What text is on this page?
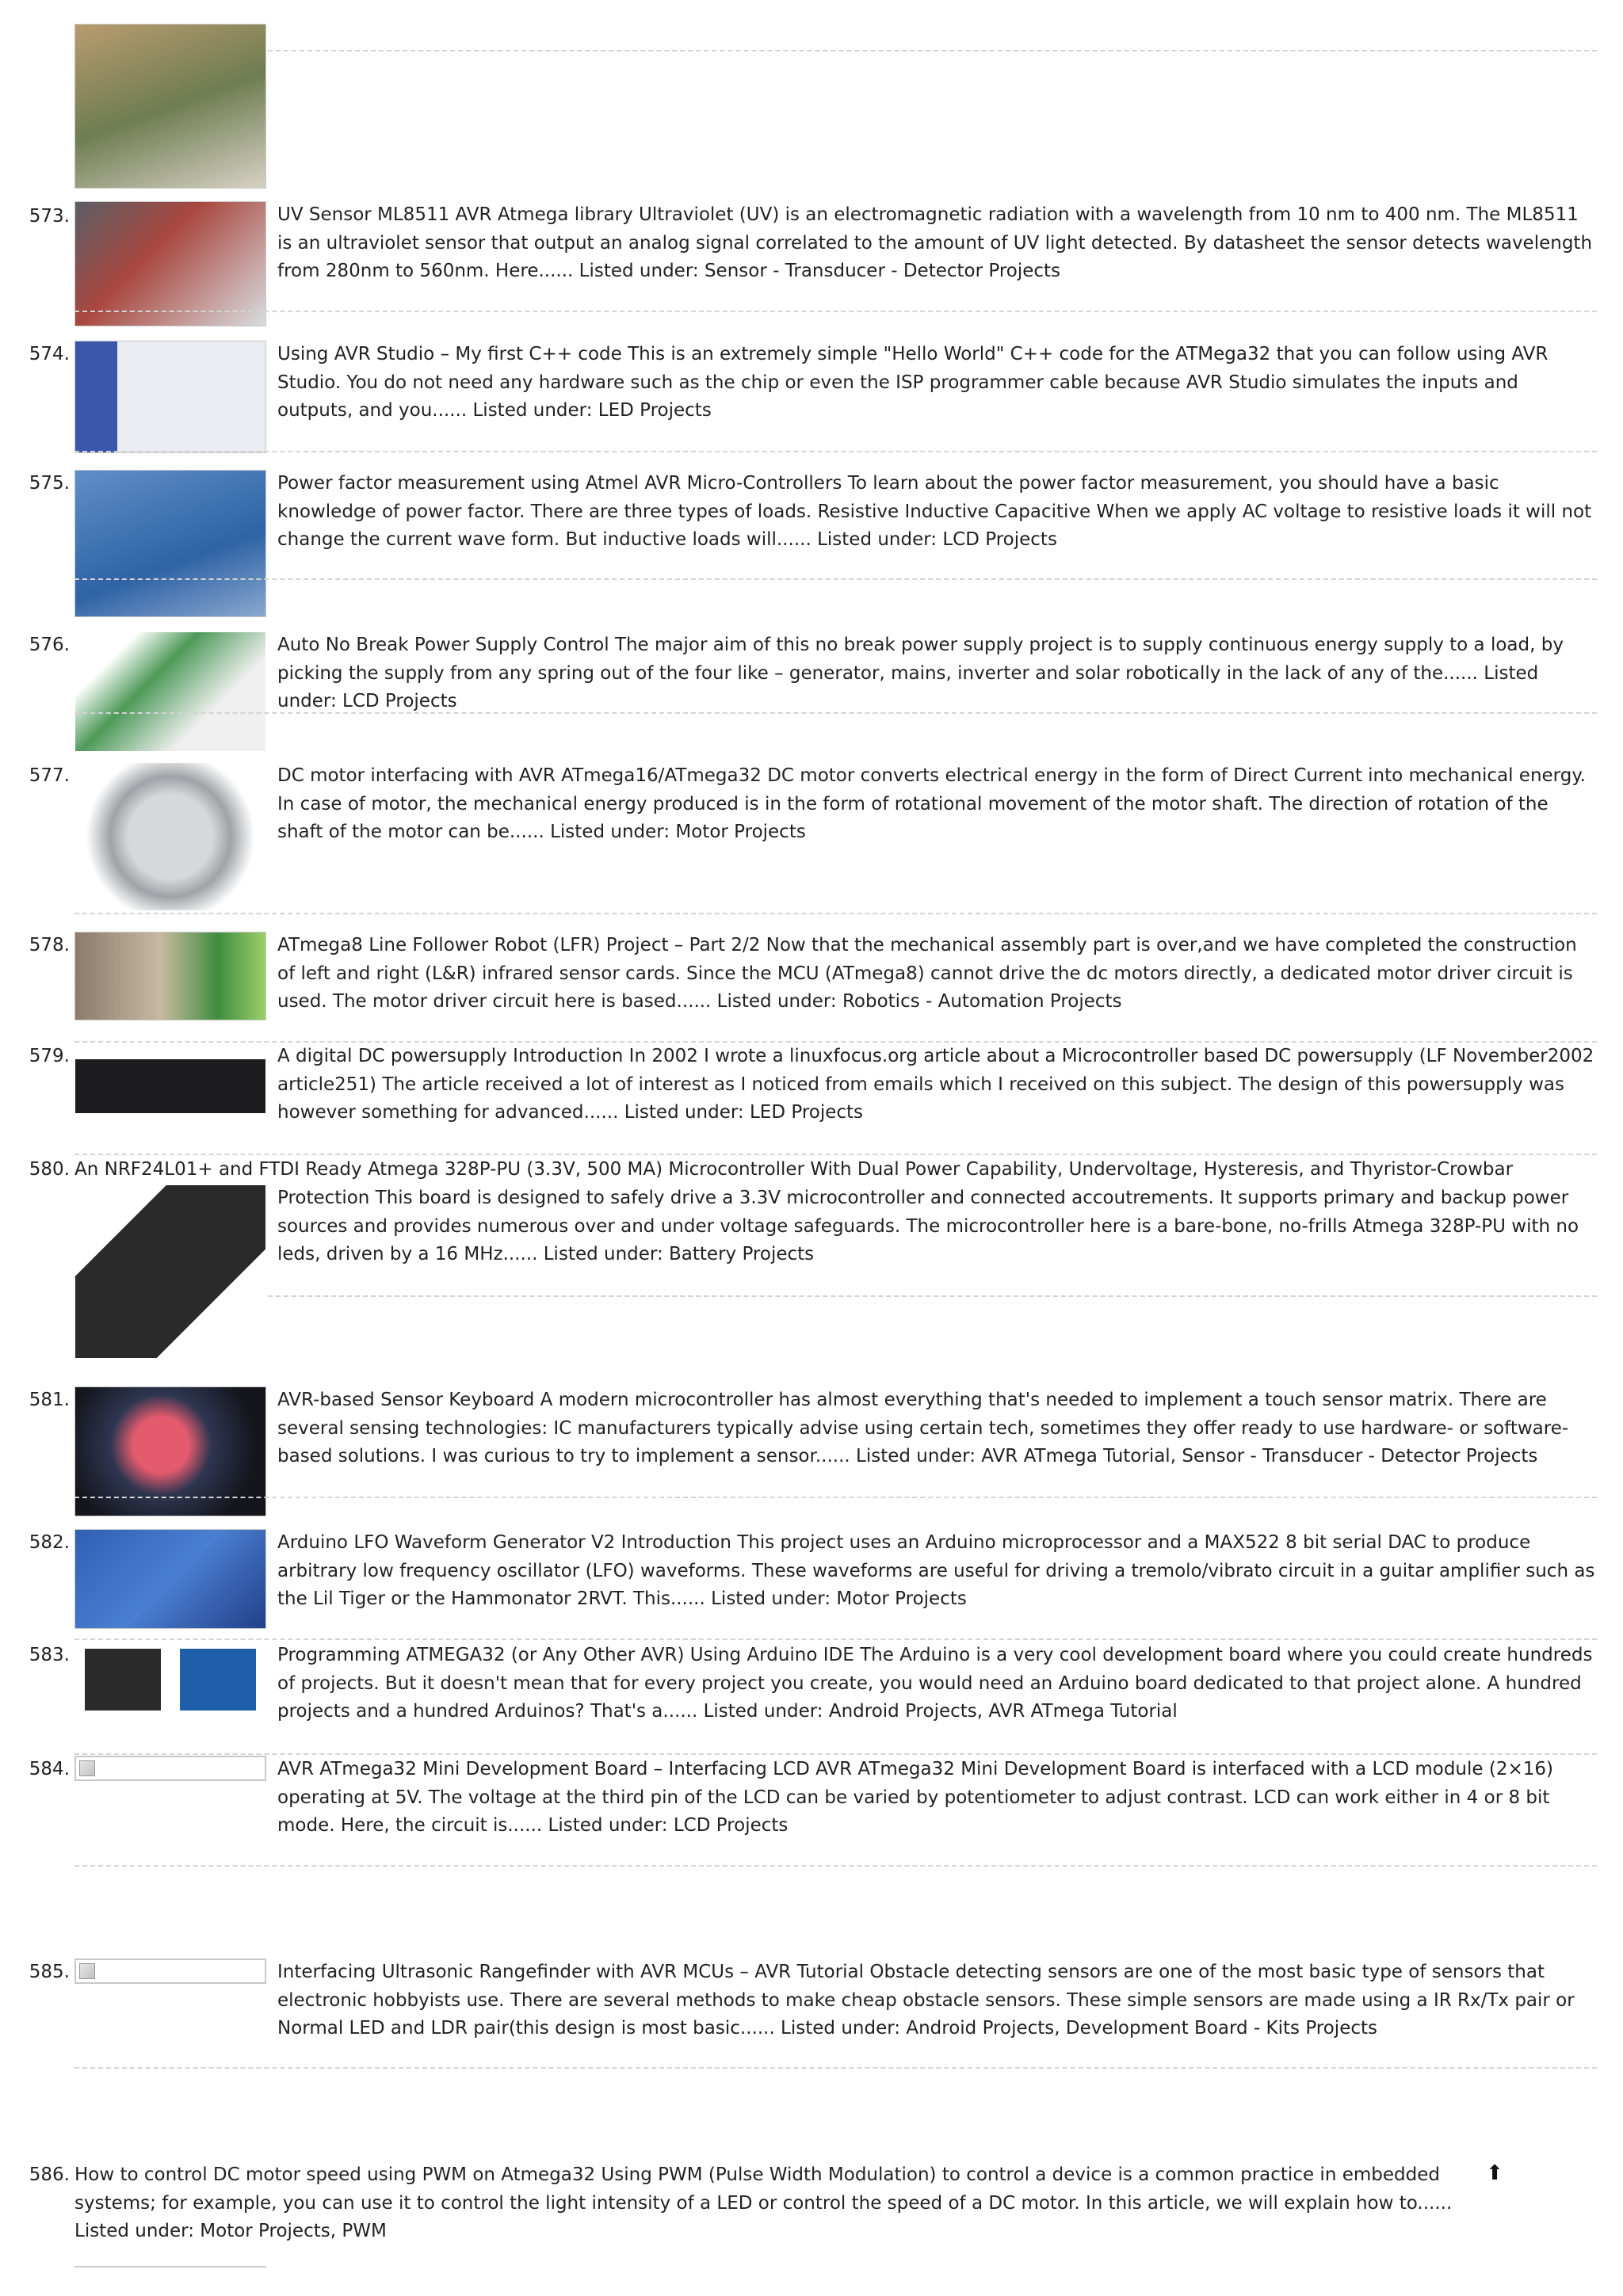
573.	UV Sensor ML8511 AVR Atmega library Ultraviolet (UV) is an electromagnetic radiation with a wavelength from 10 nm to 400 nm. The ML8511 is an ultraviolet sensor that output an analog signal correlated to the amount of UV light detected. By datasheet the sensor detects wavelength from 280nm to 560nm. Here...... Listed under: Sensor - Transducer - Detector Projects
574.	Using AVR Studio – My first C++ code This is an extremely simple "Hello World" C++ code for the ATMega32 that you can follow using AVR Studio. You do not need any hardware such as the chip or even the ISP programmer cable because AVR Studio simulates the inputs and outputs, and you...... Listed under: LED Projects
575.	Power factor measurement using Atmel AVR Micro-Controllers To learn about the power factor measurement, you should have a basic knowledge of power factor. There are three types of loads. Resistive Inductive Capacitive When we apply AC voltage to resistive loads it will not change the current wave form. But inductive loads will...... Listed under: LCD Projects
576.	Auto No Break Power Supply Control The major aim of this no break power supply project is to supply continuous energy supply to a load, by picking the supply from any spring out of the four like – generator, mains, inverter and solar robotically in the lack of any of the...... Listed under: LCD Projects
577.	DC motor interfacing with AVR ATmega16/ATmega32 DC motor converts electrical energy in the form of Direct Current into mechanical energy. In case of motor, the mechanical energy produced is in the form of rotational movement of the motor shaft. The direction of rotation of the shaft of the motor can be...... Listed under: Motor Projects
578.	ATmega8 Line Follower Robot (LFR) Project – Part 2/2 Now that the mechanical assembly part is over,and we have completed the construction of left and right (L&R) infrared sensor cards. Since the MCU (ATmega8) cannot drive the dc motors directly, a dedicated motor driver circuit is used. The motor driver circuit here is based...... Listed under: Robotics - Automation Projects
579.	A digital DC powersupply Introduction In 2002 I wrote a linuxfocus.org article about a Microcontroller based DC powersupply (LF November2002 article251) The article received a lot of interest as I noticed from emails which I received on this subject. The design of this powersupply was however something for advanced...... Listed under: LED Projects
580. An NRF24L01+ and FTDI Ready Atmega 328P-PU (3.3V, 500 MA) Microcontroller With Dual Power Capability, Undervoltage, Hysteresis, and Thyristor-Crowbar
Protection This board is designed to safely drive a 3.3V microcontroller and connected accoutrements. It supports primary and backup power sources and provides numerous over and under voltage safeguards. The microcontroller here is a bare-bone, no-frills Atmega 328P-PU with no leds, driven by a 16 MHz...... Listed under: Battery Projects
581.	AVR-based Sensor Keyboard A modern microcontroller has almost everything that's needed to implement a touch sensor matrix. There are several sensing technologies: IC manufacturers typically advise using certain tech, sometimes they offer ready to use hardware- or software-based solutions. I was curious to try to implement a sensor...... Listed under: AVR ATmega Tutorial, Sensor - Transducer - Detector Projects
582.	Arduino LFO Waveform Generator V2 Introduction This project uses an Arduino microprocessor and a MAX522 8 bit serial DAC to produce arbitrary low frequency oscillator (LFO) waveforms. These waveforms are useful for driving a tremolo/vibrato circuit in a guitar amplifier such as the Lil Tiger or the Hammonator 2RVT. This...... Listed under: Motor Projects
583.	Programming ATMEGA32 (or Any Other AVR) Using Arduino IDE The Arduino is a very cool development board where you could create hundreds of projects. But it doesn't mean that for every project you create, you would need an Arduino board dedicated to that project alone. A hundred projects and a hundred Arduinos? That's a...... Listed under: Android Projects, AVR ATmega Tutorial
584.	AVR ATmega32 Mini Development Board – Interfacing LCD AVR ATmega32 Mini Development Board is interfaced with a LCD module (2×16) operating at 5V. The voltage at the third pin of the LCD can be varied by potentiometer to adjust contrast. LCD can work either in 4 or 8 bit mode. Here, the circuit is...... Listed under: LCD Projects
585.	Interfacing Ultrasonic Rangefinder with AVR MCUs – AVR Tutorial Obstacle detecting sensors are one of the most basic type of sensors that electronic hobbyists use. There are several methods to make cheap obstacle sensors. These simple sensors are made using a IR Rx/Tx pair or Normal LED and LDR pair(this design is most basic...... Listed under: Android Projects, Development Board - Kits Projects
586. How to control DC motor speed using PWM on Atmega32 Using PWM (Pulse Width Modulation) to control a device is a common practice in embedded systems; for example, you can use it to control the light intensity of a LED or control the speed of a DC motor. In this article, we will explain how to...... Listed under: Motor Projects, PWM
⬆
